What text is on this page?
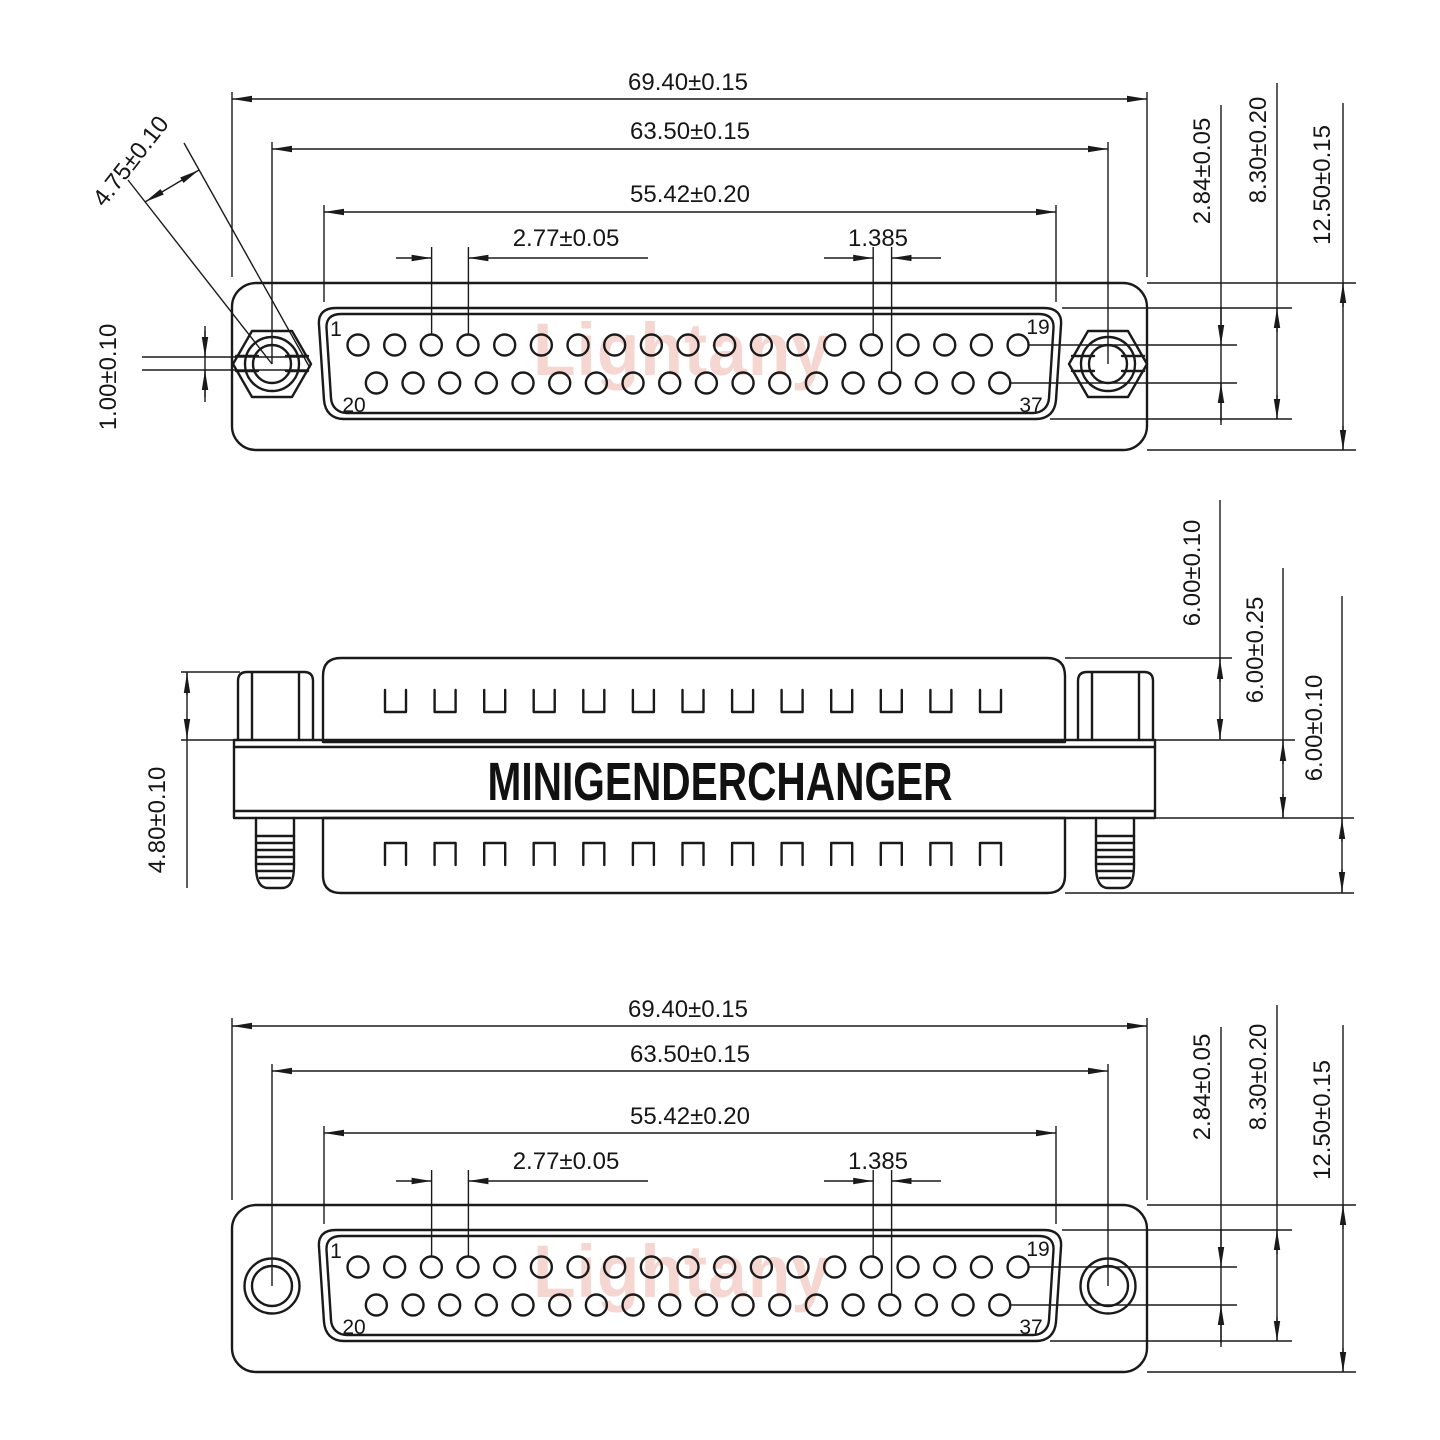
Lightany
Lightany
1	19
20	37
69.40±0.15
63.50±0.15
55.42±0.20
2.77±0.05	1.385
2.84±0.05 8.30±0.20 12.50±0.15
4.75±0.10
1.00±0.10
MINIGENDERCHANGER
4.80±0.10
6.00±0.10
6.00±0.25
6.00±0.10
1	19
20	37
69.40±0.15
63.50±0.15
55.42±0.20
2.77±0.05	1.385
2.84±0.05 8.30±0.20 12.50±0.15
